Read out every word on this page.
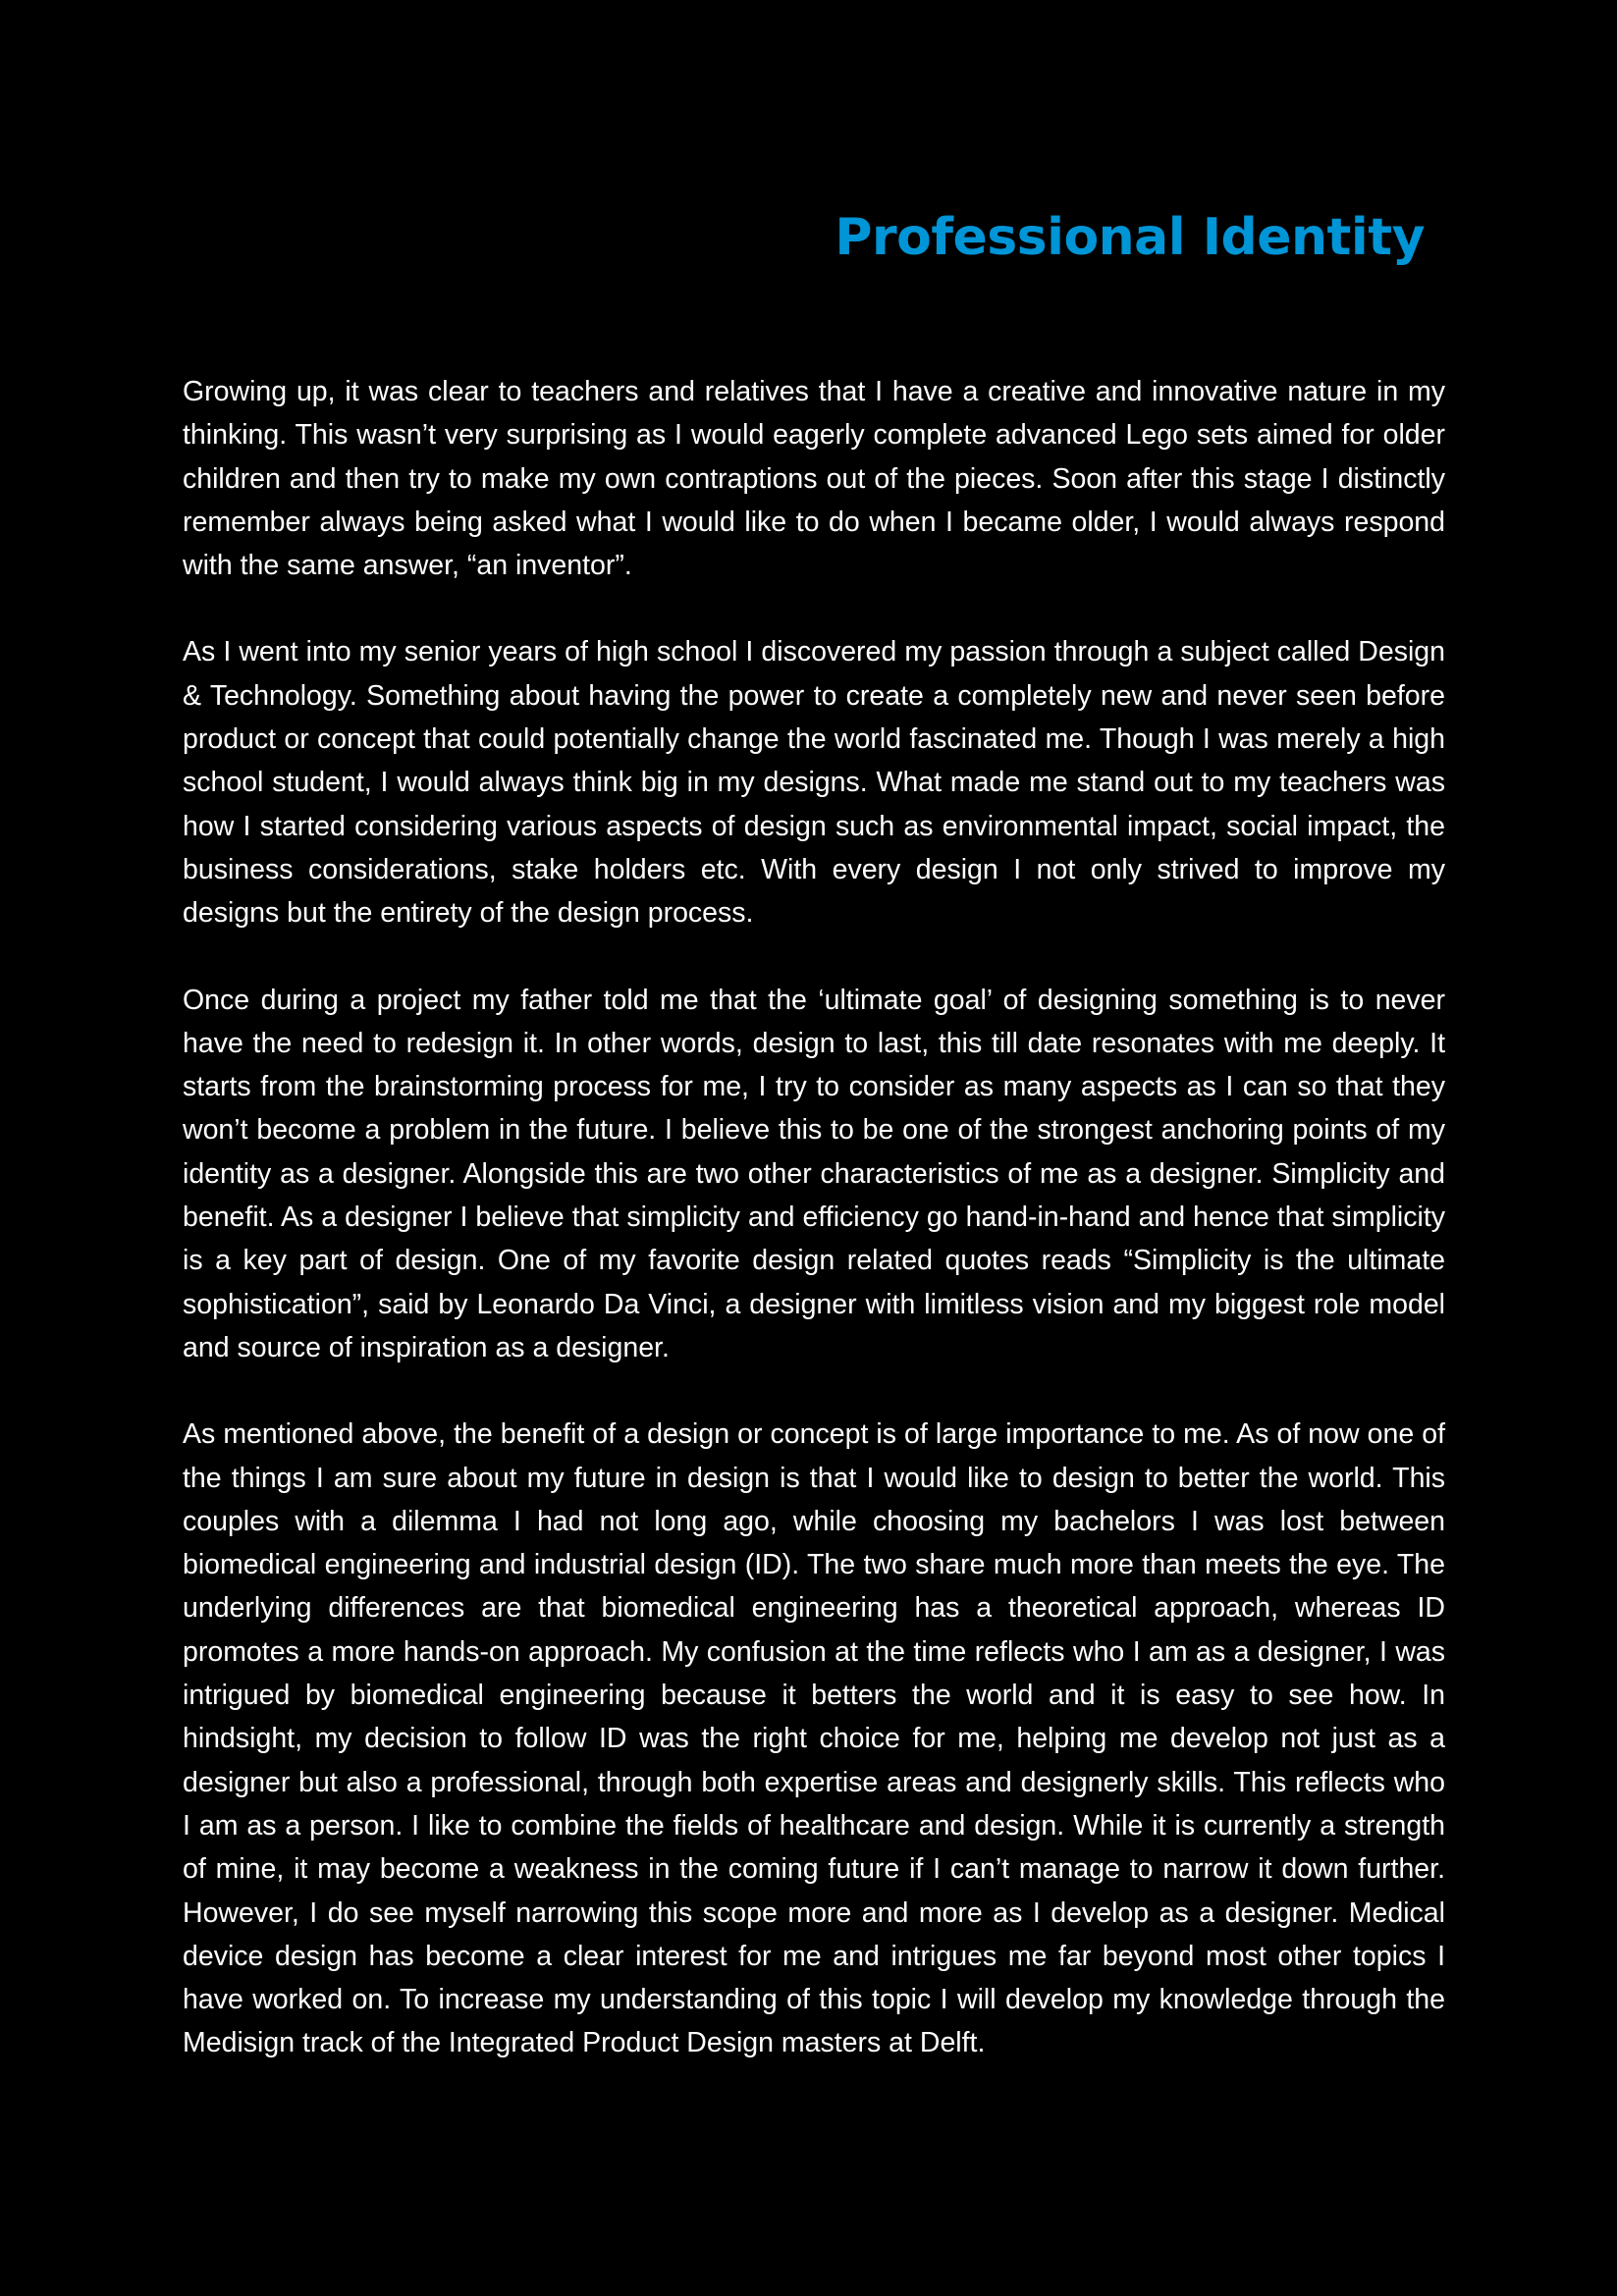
Professional Identity

Growing up, it was clear to teachers and relatives that I have a creative and innovative nature in my thinking. This wasn’t very surprising as I would eagerly complete advanced Lego sets aimed for older children and then try to make my own contraptions out of the pieces. Soon after this stage I distinctly remember always being asked what I would like to do when I became older, I would always respond with the same answer, “an inventor”.

As I went into my senior years of high school I discovered my passion through a subject called Design & Technology. Something about having the power to create a completely new and never seen before product or concept that could potentially change the world fascinated me. Though I was merely a high school student, I would always think big in my designs. What made me stand out to my teachers was how I started considering various aspects of design such as environmental impact, social impact, the business considerations, stake holders etc. With every design I not only strived to improve my designs but the entirety of the design process.

Once during a project my father told me that the ‘ultimate goal’ of designing something is to never have the need to redesign it. In other words, design to last, this till date resonates with me deeply. It starts from the brainstorming process for me, I try to consider as many aspects as I can so that they won’t become a problem in the future. I believe this to be one of the strongest anchoring points of my identity as a designer. Alongside this are two other characteristics of me as a designer. Simplicity and benefit. As a designer I believe that simplicity and efficiency go hand-in-hand and hence that simplicity is a key part of design. One of my favorite design related quotes reads “Simplicity is the ultimate sophistication”, said by Leonardo Da Vinci, a designer with limitless vision and my biggest role model and source of inspiration as a designer.

As mentioned above, the benefit of a design or concept is of large importance to me. As of now one of the things I am sure about my future in design is that I would like to design to better the world. This couples with a dilemma I had not long ago, while choosing my bachelors I was lost between biomedical engineering and industrial design (ID). The two share much more than meets the eye. The underlying differences are that biomedical engineering has a theoretical approach, whereas ID promotes a more hands-on approach. My confusion at the time reflects who I am as a designer, I was intrigued by biomedical engineering because it betters the world and it is easy to see how. In hindsight, my decision to follow ID was the right choice for me, helping me develop not just as a designer but also a professional, through both expertise areas and designerly skills. This reflects who I am as a person. I like to combine the fields of healthcare and design. While it is currently a strength of mine, it may become a weakness in the coming future if I can’t manage to narrow it down further. However, I do see myself narrowing this scope more and more as I develop as a designer. Medical device design has become a clear interest for me and intrigues me far beyond most other topics I have worked on. To increase my understanding of this topic I will develop my knowledge through the Medisign track of the Integrated Product Design masters at Delft.
